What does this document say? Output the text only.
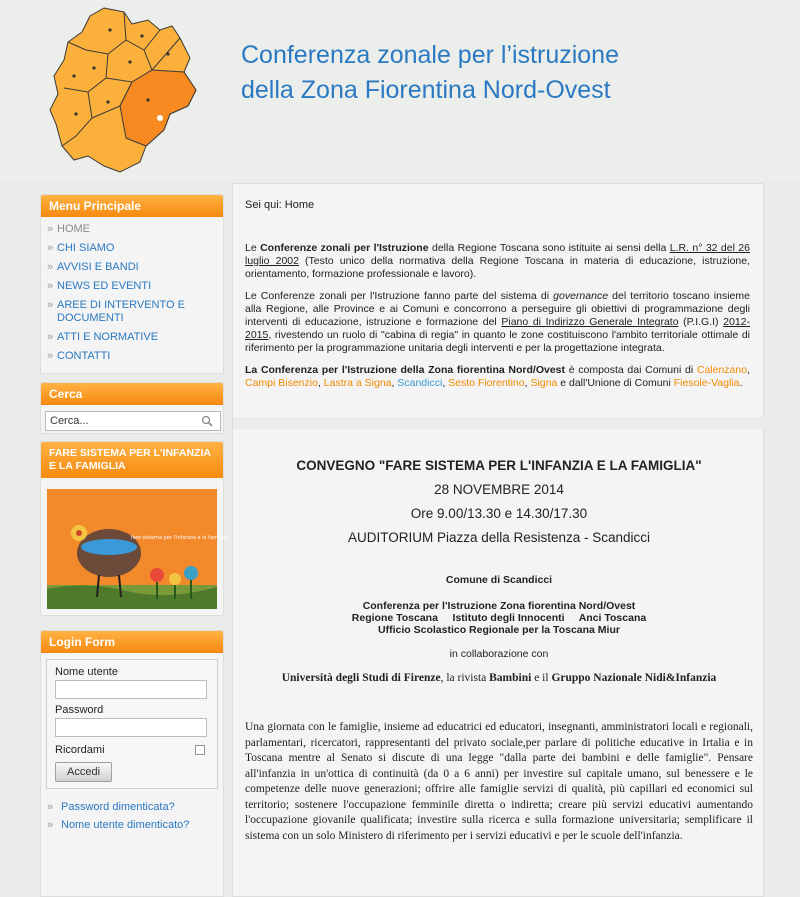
Conferenza zonale per l’istruzione
della Zona Fiorentina Nord-Ovest
Menu Principale
» HOME
» CHI SIAMO
» AVVISI E BANDI
» NEWS ED EVENTI
» AREE DI INTERVENTO E DOCUMENTI
» ATTI E NORMATIVE
» CONTATTI
Cerca
Cerca...
FARE SISTEMA PER L'INFANZIA E LA FAMIGLIA
fare sistema per l'infanzia e la famiglia
Login Form
Nome utente
Password
Ricordami
Accedi
» Password dimenticata?
» Nome utente dimenticato?
Sei qui: Home

Le Conferenze zonali per l'Istruzione della Regione Toscana sono istituite ai sensi della L.R. n° 32 del 26 luglio 2002 (Testo unico della normativa della Regione Toscana in materia di educazione, istruzione, orientamento, formazione professionale e lavoro).

Le Conferenze zonali per l'Istruzione fanno parte del sistema di governance del territorio toscano insieme alla Regione, alle Province e ai Comuni e concorrono a perseguire gli obiettivi di programmazione degli interventi di educazione, istruzione e formazione del Piano di Indirizzo Generale Integrato (P.I.G.I) 2012-2015, rivestendo un ruolo di "cabina di regia" in quanto le zone costituiscono l'ambito territoriale ottimale di riferimento per la programmazione unitaria degli interventi e per la progettazione integrata.

La Conferenza per l'Istruzione della Zona fiorentina Nord/Ovest è composta dai Comuni di Calenzano, Campi Bisenzio, Lastra a Signa, Scandicci, Sesto Fiorentino, Signa e dall'Unione di Comuni Fiesole-Vaglia.

CONVEGNO "FARE SISTEMA PER L'INFANZIA E LA FAMIGLIA"
28 NOVEMBRE 2014
Ore 9.00/13.30 e 14.30/17.30
AUDITORIUM Piazza della Resistenza - Scandicci
Comune di Scandicci
Conferenza per l'Istruzione Zona fiorentina Nord/Ovest
Regione Toscana     Istituto degli Innocenti     Anci Toscana
Ufficio Scolastico Regionale per la Toscana Miur
in collaborazione con
Università degli Studi di Firenze, la rivista Bambini e il Gruppo Nazionale Nidi&Infanzia
Una giornata con le famiglie, insieme ad educatrici ed educatori, insegnanti, amministratori locali e regionali, parlamentari, ricercatori, rappresentanti del privato sociale,per parlare di politiche educative in Irtalia e in Toscana mentre al Senato si discute di una legge "dalla parte dei bambini e delle famiglie". Pensare all'infanzia in un'ottica di continuità (da 0 a 6 anni) per investire sul capitale umano, sul benessere e le competenze delle nuove generazioni; offrire alle famiglie servizi di qualità, più capillari ed economici sul territorio; sostenere l'occupazione femminile diretta o indiretta; creare più servizi educativi aumentando l'occupazione giovanile qualificata; investire sulla ricerca e sulla formazione universitaria; semplificare il sistema con un solo Ministero di riferimento per i servizi educativi e per le scuole dell'infanzia.
